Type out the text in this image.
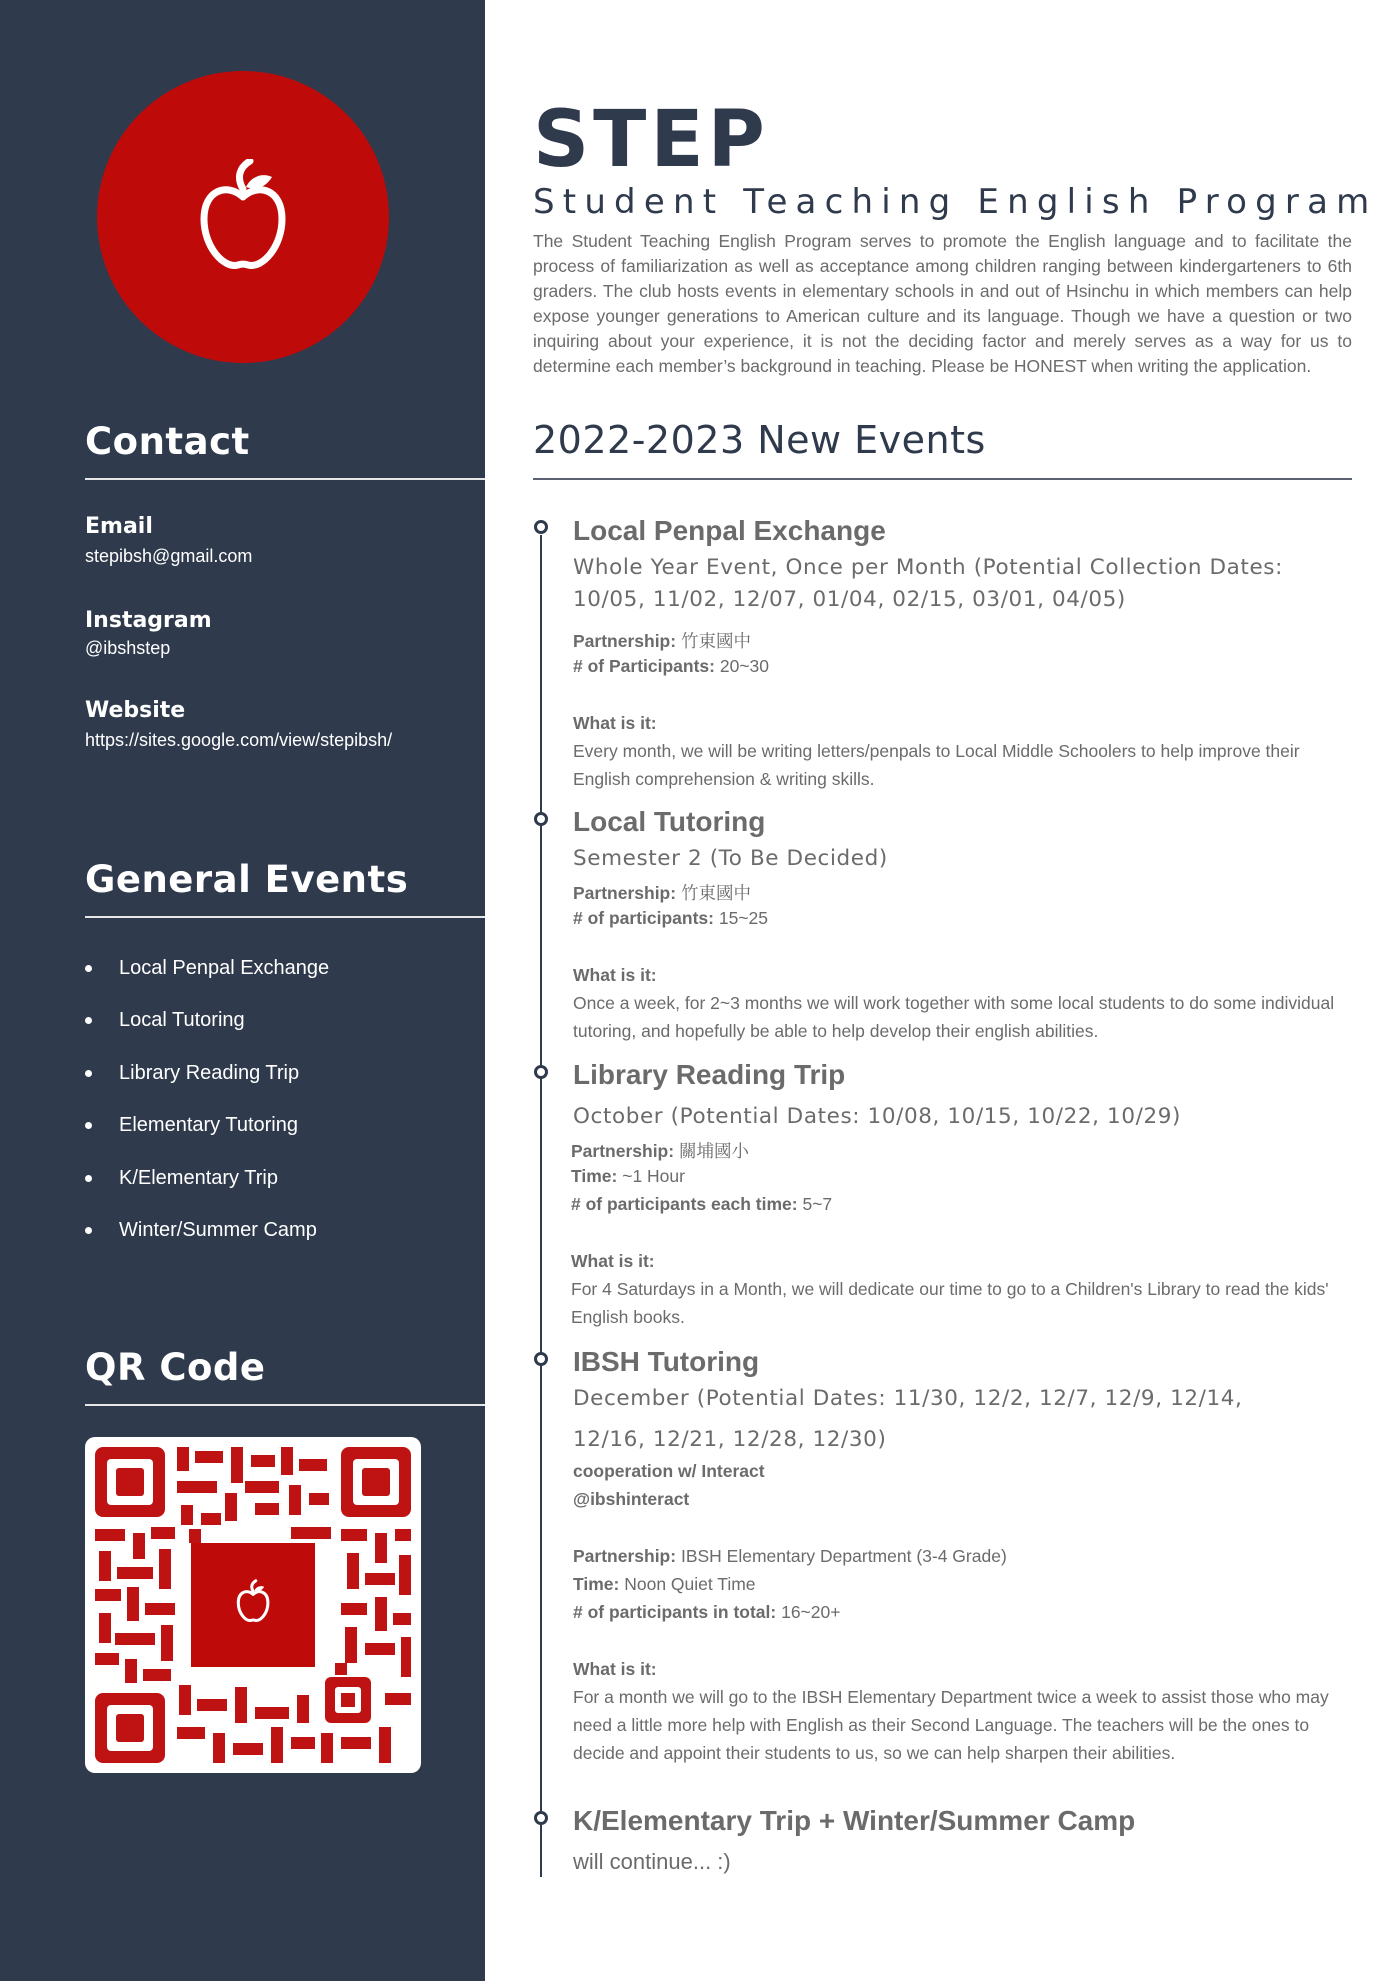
Contact
Email
stepibsh@gmail.com
Instagram
@ibshstep
Website
https://sites.google.com/view/stepibsh/
General Events
Local Penpal Exchange
Local Tutoring
Library Reading Trip
Elementary Tutoring
K/Elementary Trip
Winter/Summer Camp
QR Code
STEP
Student Teaching English Program
The Student Teaching English Program serves to promote the English language and to facilitate the process of familiarization as well as acceptance among children ranging between kindergarteners to 6th graders. The club hosts events in elementary schools in and out of Hsinchu in which members can help expose younger generations to American culture and its language. Though we have a question or two inquiring about your experience, it is not the deciding factor and merely serves as a way for us to determine each member’s background in teaching. Please be HONEST when writing the application.
2022-2023 New Events
Local Penpal Exchange
Whole Year Event, Once per Month (Potential Collection Dates:
10/05, 11/02, 12/07, 01/04, 02/15, 03/01, 04/05)
Partnership: 竹東國中
# of Participants: 20~30
What is it:
Every month, we will be writing letters/penpals to Local Middle Schoolers to help improve their English comprehension & writing skills.
Local Tutoring
Semester 2 (To Be Decided)
Partnership: 竹東國中
# of participants: 15~25
What is it:
Once a week, for 2~3 months we will work together with some local students to do some individual tutoring, and hopefully be able to help develop their english abilities.
Library Reading Trip
October (Potential Dates: 10/08, 10/15, 10/22, 10/29)
Partnership: 關埔國小
Time: ~1 Hour
# of participants each time: 5~7
What is it:
For 4 Saturdays in a Month, we will dedicate our time to go to a Children's Library to read the kids' English books.
IBSH Tutoring
December (Potential Dates: 11/30, 12/2, 12/7, 12/9, 12/14,
12/16, 12/21, 12/28, 12/30)
cooperation w/ Interact
@ibshinteract
Partnership: IBSH Elementary Department (3-4 Grade)
Time: Noon Quiet Time
# of participants in total: 16~20+
What is it:
For a month we will go to the IBSH Elementary Department twice a week to assist those who may need a little more help with English as their Second Language. The teachers will be the ones to decide and appoint their students to us, so we can help sharpen their abilities.
K/Elementary Trip + Winter/Summer Camp
will continue... :)
